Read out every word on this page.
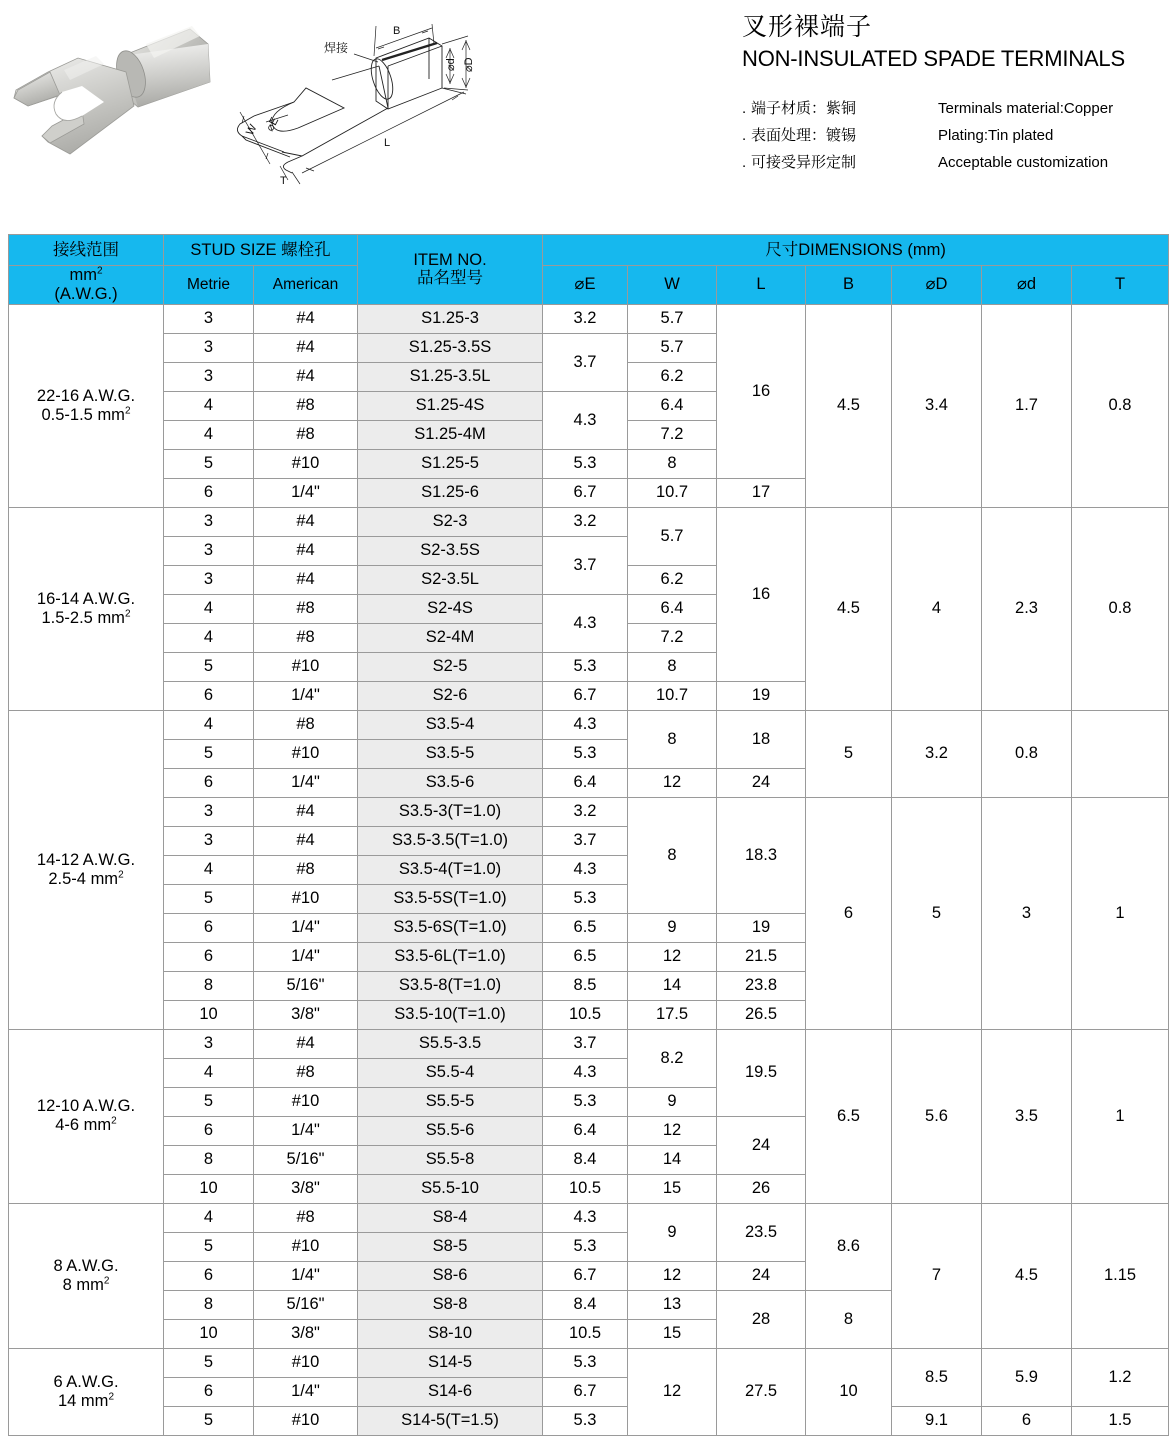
B
⌀d ⌀D
焊接
W ⌀E
T
L
叉形裸端子
NON-INSULATED SPADE TERMINALS
. 端子材质：紫铜	Terminals material:Copper
. 表面处理：镀锡	Plating:Tin plated
. 可接受异形定制	Acceptable customization
接线范围	STUD SIZE 螺栓孔		ITEM NO.
品名型号	尺寸DIMENSIONS (mm)						

$mm^2$
(A.W.G.)	Metrie	American		⌀E	W	L	B	⌀D	⌀d	T

22-16 A.W.G.
0.5-1.5 $mm^2$	3	#4	S1.25-3	3.2	5.7	16	4.5	3.4	1.7	0.8
	3	#4	S1.25-3.5S	3.7	5.7					
	3	#4	S1.25-3.5L		6.2					
	4	#8	S1.25-4S	4.3	6.4					
	4	#8	S1.25-4M		7.2					
	5	#10	S1.25-5	5.3	8					
	6	1/4"	S1.25-6	6.7	10.7	17				

16-14 A.W.G.
1.5-2.5 $mm^2$	3	#4	S2-3	3.2	5.7	16	4.5	4	2.3	0.8
	3	#4	S2-3.5S	3.7						
	3	#4	S2-3.5L		6.2					
	4	#8	S2-4S	4.3	6.4					
	4	#8	S2-4M		7.2					
	5	#10	S2-5	5.3	8					
	6	1/4"	S2-6	6.7	10.7	19				

14-12 A.W.G.
2.5-4 $mm^2$	4	#8	S3.5-4	4.3	8	18	5	3.2	0.8	
	5	#10	S3.5-5	5.3						
	6	1/4"	S3.5-6	6.4	12	24				
	3	#4	S3.5-3(T=1.0)	3.2	8	18.3	6	5	3	1
	3	#4	S3.5-3.5(T=1.0)	3.7						
	4	#8	S3.5-4(T=1.0)	4.3						
	5	#10	S3.5-5S(T=1.0)	5.3						
	6	1/4"	S3.5-6S(T=1.0)	6.5	9	19				
	6	1/4"	S3.5-6L(T=1.0)	6.5	12	21.5				
	8	5/16"	S3.5-8(T=1.0)	8.5	14	23.8				
	10	3/8"	S3.5-10(T=1.0)	10.5	17.5	26.5				

12-10 A.W.G.
4-6 $mm^2$	3	#4	S5.5-3.5	3.7	8.2	19.5	6.5	5.6	3.5	1
	4	#8	S5.5-4	4.3						
	5	#10	S5.5-5	5.3	9					
	6	1/4"	S5.5-6	6.4	12	24				
	8	5/16"	S5.5-8	8.4	14					
	10	3/8"	S5.5-10	10.5	15	26				

8 A.W.G.
8 $mm^2$	4	#8	S8-4	4.3	9	23.5	8.6	7	4.5	1.15
	5	#10	S8-5	5.3						
	6	1/4"	S8-6	6.7	12	24				
	8	5/16"	S8-8	8.4	13	28	8			
	10	3/8"	S8-10	10.5	15					

6 A.W.G.
14 $mm^2$	5	#10	S14-5	5.3	12	27.5	10	8.5	5.9	1.2
	6	1/4"	S14-6	6.7						
	5	#10	S14-5(T=1.5)	5.3				9.1	6	1.5
